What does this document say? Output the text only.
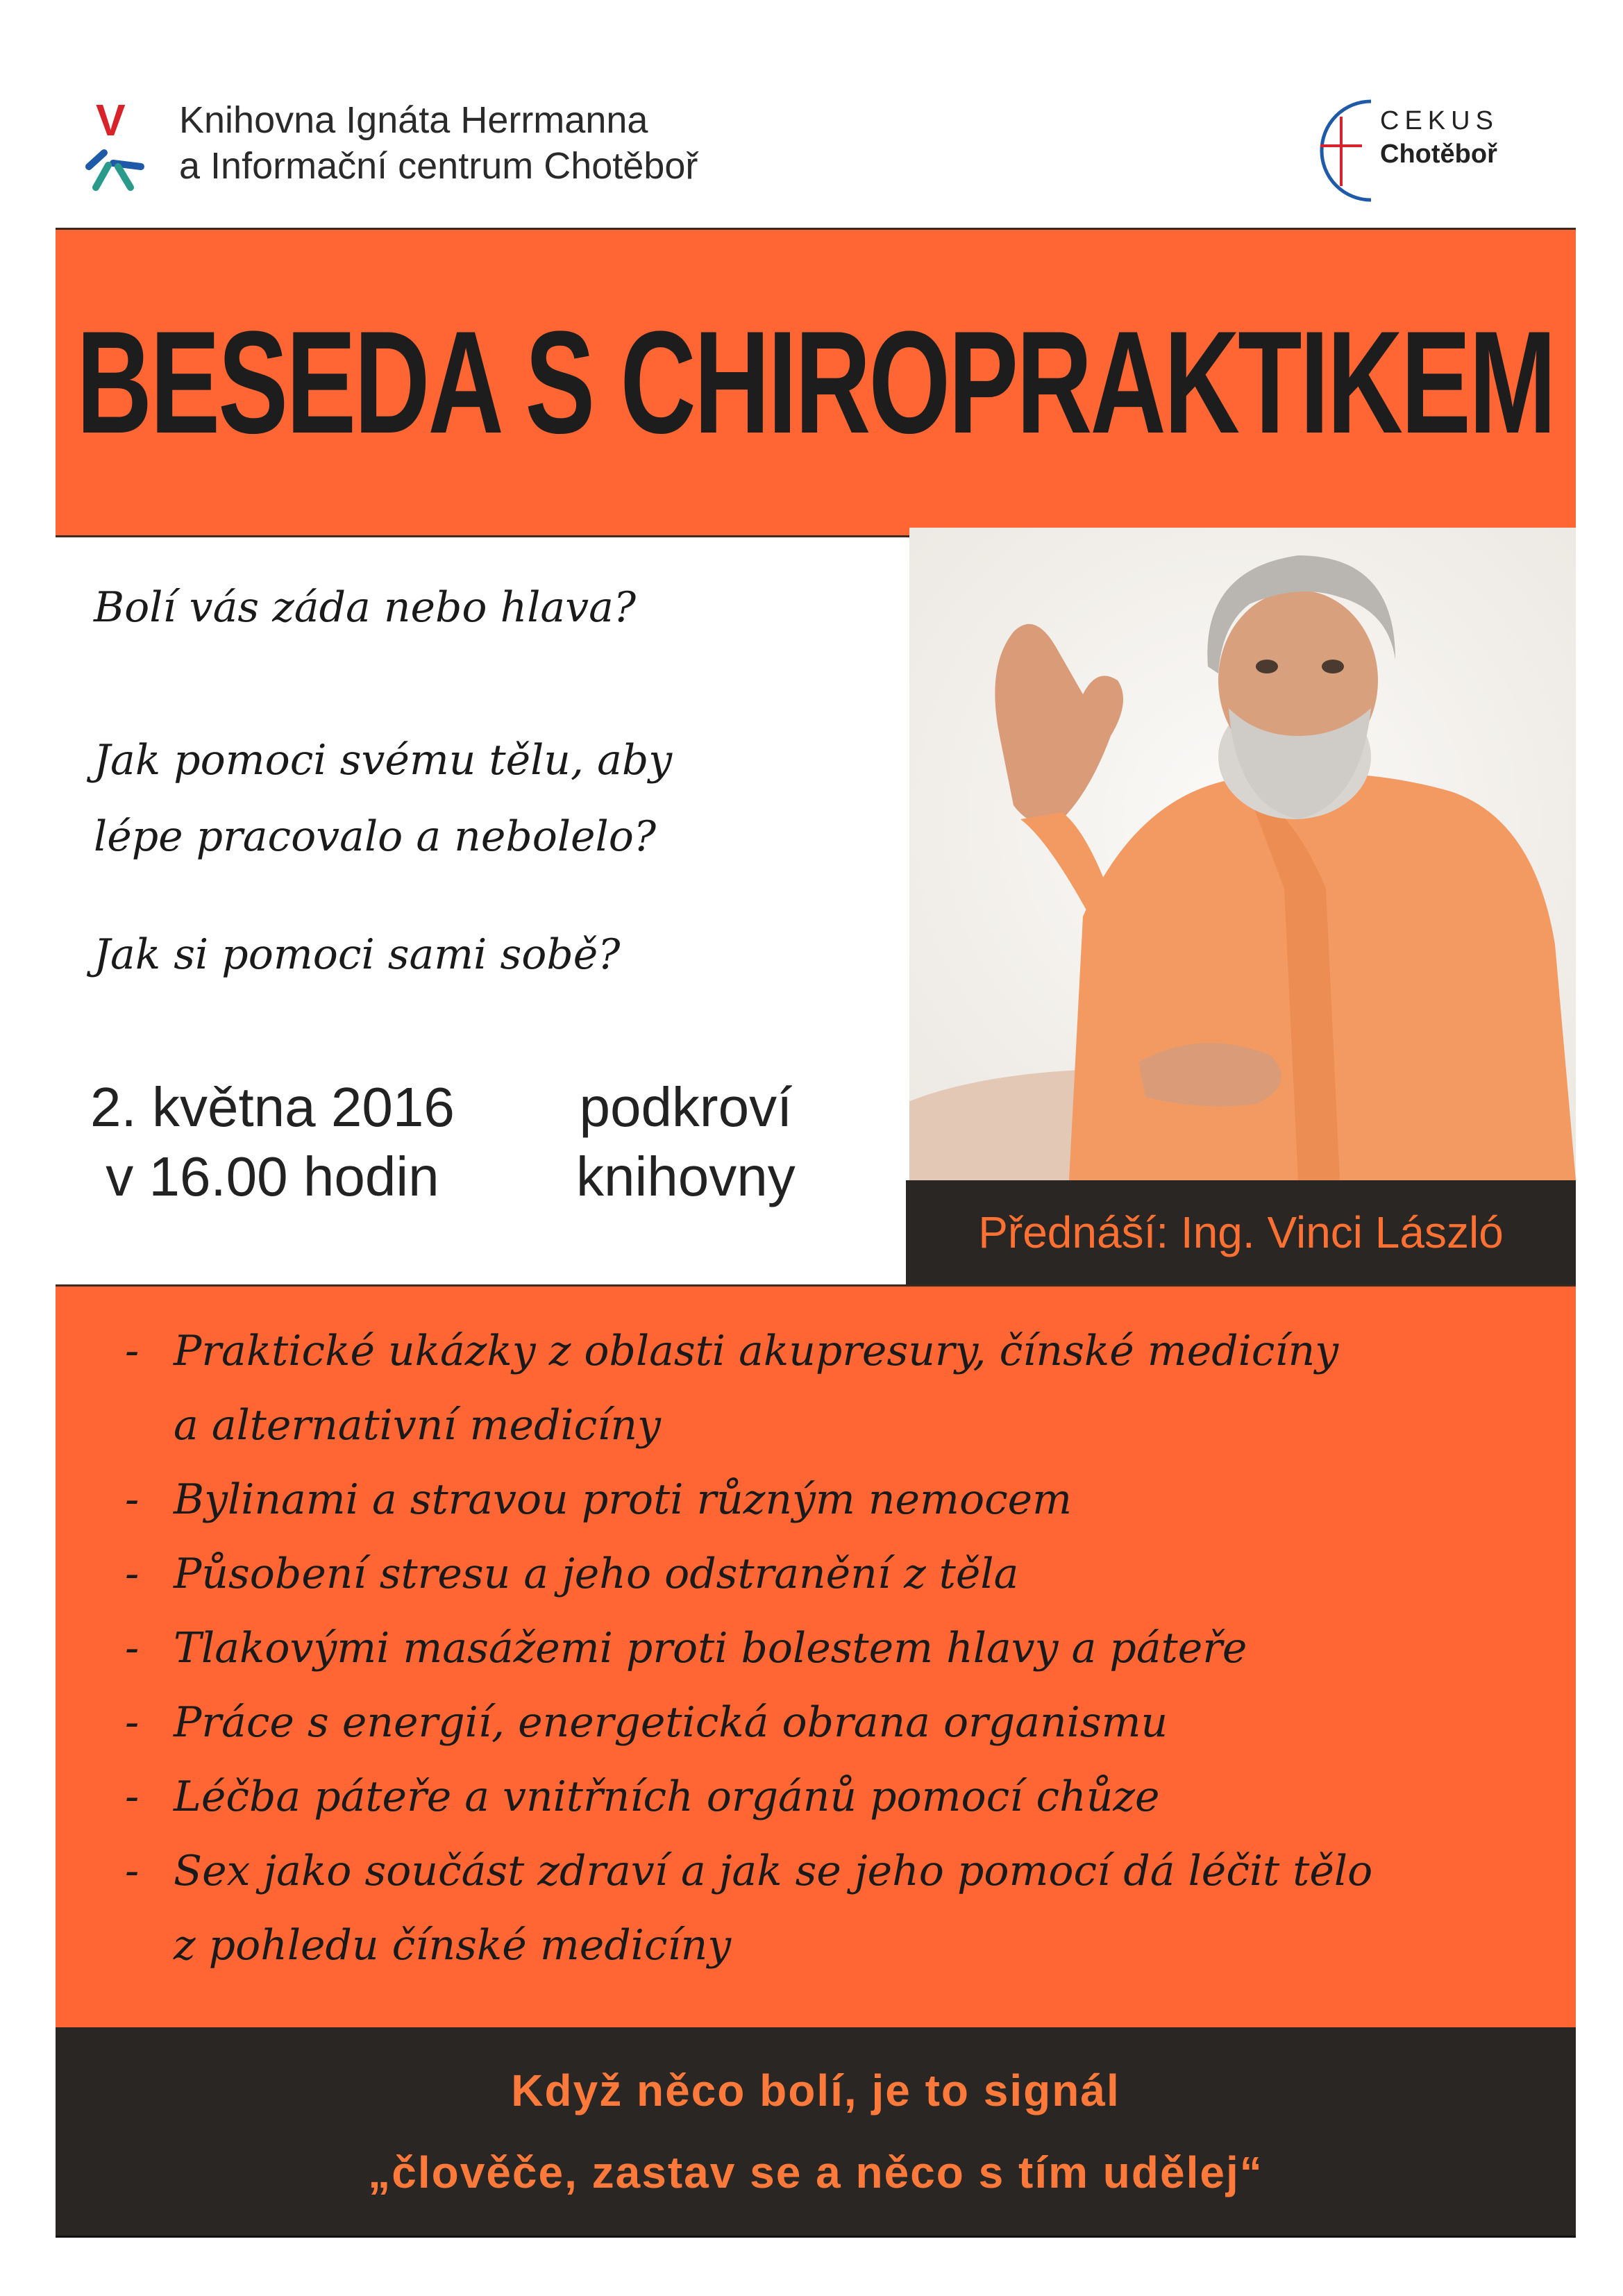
V Knihovna Ignáta Herrmanna
a Informační centrum Chotěboř
CEKUS
Chotěboř
BESEDA S CHIROPRAKTIKEM
Bolí vás záda nebo hlava?
Jak pomoci svému tělu, aby
lépe pracovalo a nebolelo?
Jak si pomoci sami sobě?
2. května 2016
v 16.00 hodin
podkroví
knihovny
Přednáší: Ing. Vinci László
- Praktické ukázky z oblasti akupresury, čínské medicíny
a alternativní medicíny
- Bylinami a stravou proti různým nemocem
- Působení stresu a jeho odstranění z těla
- Tlakovými masážemi proti bolestem hlavy a páteře
- Práce s energií, energetická obrana organismu
- Léčba páteře a vnitřních orgánů pomocí chůze
- Sex jako součást zdraví a jak se jeho pomocí dá léčit tělo
z pohledu čínské medicíny
Když něco bolí, je to signál
„člověče, zastav se a něco s tím udělej“
